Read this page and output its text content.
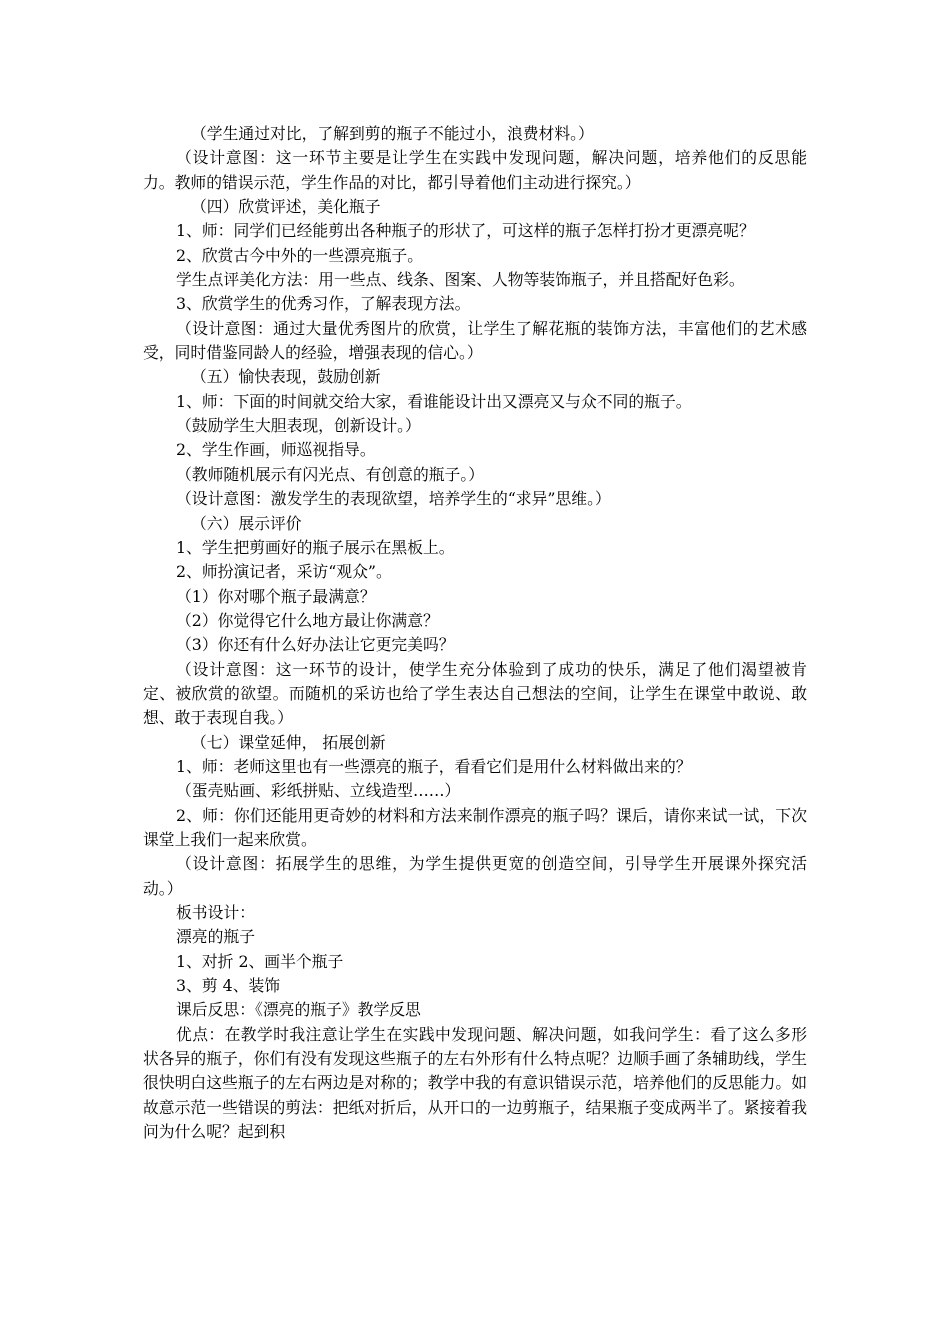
（学生通过对比，了解到剪的瓶子不能过小，浪费材料。）

（设计意图：这一环节主要是让学生在实践中发现问题，解决问题，培养他们的反思能力。教师的错误示范，学生作品的对比，都引导着他们主动进行探究。）

（四）欣赏评述，美化瓶子

1、师：同学们已经能剪出各种瓶子的形状了，可这样的瓶子怎样打扮才更漂亮呢？

2、欣赏古今中外的一些漂亮瓶子。

学生点评美化方法：用一些点、线条、图案、人物等装饰瓶子，并且搭配好色彩。

3、欣赏学生的优秀习作，了解表现方法。

（设计意图：通过大量优秀图片的欣赏，让学生了解花瓶的装饰方法，丰富他们的艺术感受，同时借鉴同龄人的经验，增强表现的信心。）

（五）愉快表现，鼓励创新

1、师：下面的时间就交给大家，看谁能设计出又漂亮又与众不同的瓶子。

（鼓励学生大胆表现，创新设计。）

2、学生作画，师巡视指导。

（教师随机展示有闪光点、有创意的瓶子。）

（设计意图：激发学生的表现欲望，培养学生的“求异”思维。）

（六）展示评价

1、学生把剪画好的瓶子展示在黑板上。

2、师扮演记者，采访“观众”。

（1）你对哪个瓶子最满意？

（2）你觉得它什么地方最让你满意？

（3）你还有什么好办法让它更完美吗？

（设计意图：这一环节的设计，使学生充分体验到了成功的快乐，满足了他们渴望被肯定、被欣赏的欲望。而随机的采访也给了学生表达自己想法的空间，让学生在课堂中敢说、敢想、敢于表现自我。）

（七）课堂延伸， 拓展创新

1、师：老师这里也有一些漂亮的瓶子，看看它们是用什么材料做出来的？

（蛋壳贴画、彩纸拼贴、立线造型……）

2、师：你们还能用更奇妙的材料和方法来制作漂亮的瓶子吗？课后，请你来试一试，下次课堂上我们一起来欣赏。

（设计意图：拓展学生的思维，为学生提供更宽的创造空间，引导学生开展课外探究活动。）

板书设计：

漂亮的瓶子

1、对折 2、画半个瓶子

3、剪 4、装饰

课后反思：《漂亮的瓶子》教学反思

优点：在教学时我注意让学生在实践中发现问题、解决问题，如我问学生：看了这么多形状各异的瓶子，你们有没有发现这些瓶子的左右外形有什么特点呢？边顺手画了条辅助线，学生很快明白这些瓶子的左右两边是对称的；教学中我的有意识错误示范，培养他们的反思能力。如故意示范一些错误的剪法：把纸对折后，从开口的一边剪瓶子，结果瓶子变成两半了。紧接着我问为什么呢？起到积
